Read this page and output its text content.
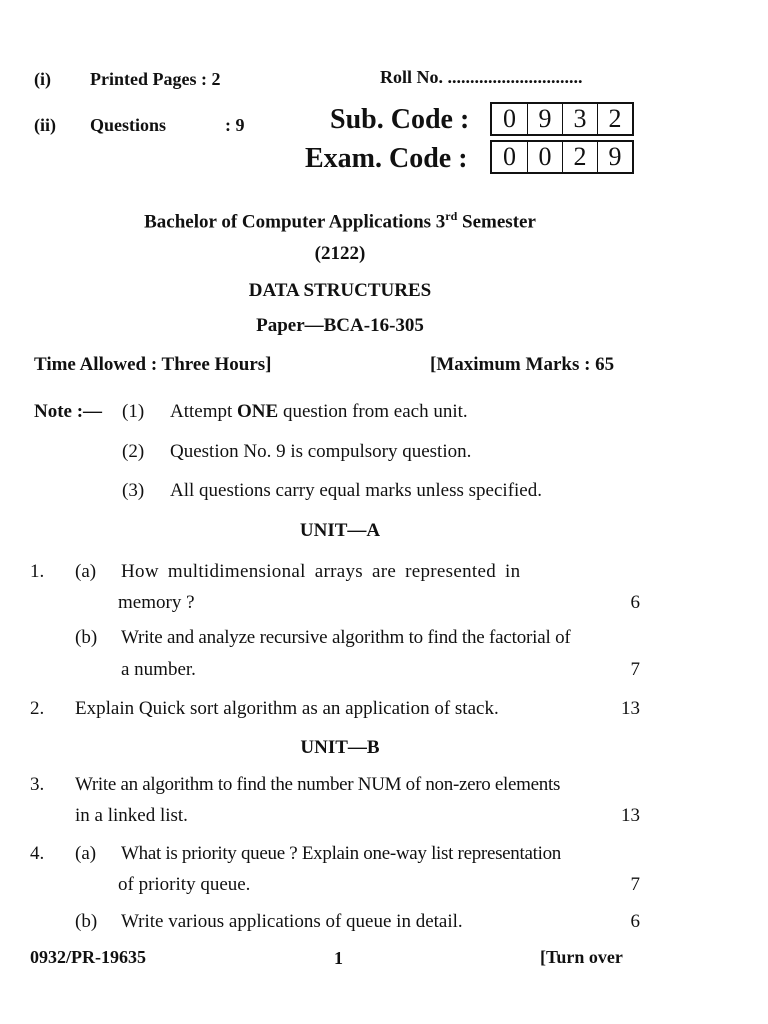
(i) Printed Pages : 2
(ii) Questions	: 9
Roll No. ..............................
Sub. Code :	0 9 3 2
Exam. Code :	0 0 2 9
Bachelor of Computer Applications 3rd Semester
(2122)
DATA STRUCTURES
Paper—BCA-16-305
Time Allowed : Three Hours]	[Maximum Marks : 65
Note :— (1) Attempt ONE question from each unit.
(2) Question No. 9 is compulsory question.
(3) All questions carry equal marks unless specified.
UNIT—A
1. (a) How multidimensional arrays are represented in
memory ?	6
(b) Write and analyze recursive algorithm to find the factorial of
a number.	7
2. Explain Quick sort algorithm as an application of stack.	13
UNIT—B
3. Write an algorithm to find the number NUM of non-zero elements
in a linked list.	13
4. (a) What is priority queue ? Explain one-way list representation
of priority queue.	7
(b) Write various applications of queue in detail.	6
0932/PR-19635	1	[Turn over
